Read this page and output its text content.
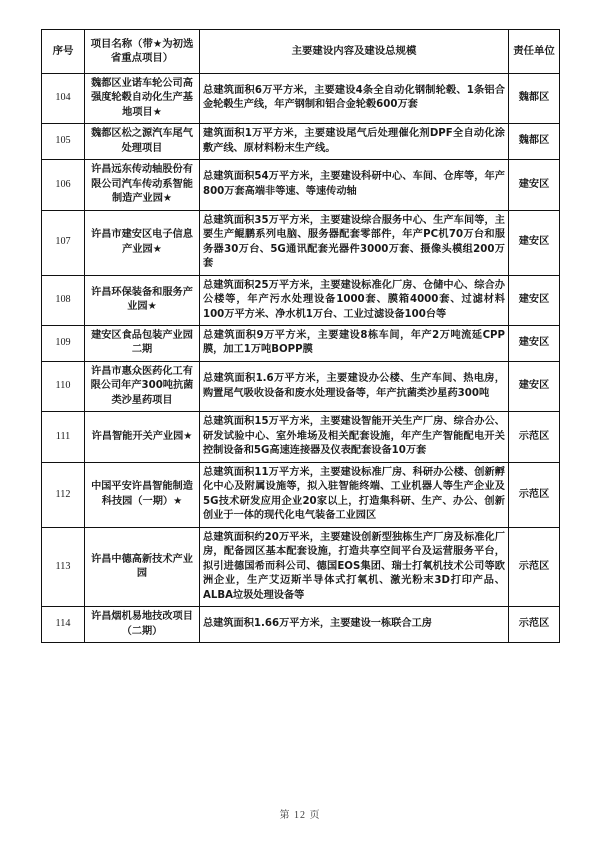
序号	项目名称（带★为初选省重点项目）	主要建设内容及建设总规模	责任单位
104	魏都区业诺车轮公司高强度轮毂自动化生产基地项目★	总建筑面积6万平方米，主要建设4条全自动化钢制轮毂、1条铝合金轮毂生产线，年产钢制和铝合金轮毂600万套	魏都区
105	魏都区松之源汽车尾气处理项目	建筑面积1万平方米，主要建设尾气后处理催化剂DPF全自动化涂敷产线、原材料粉末生产线。	魏都区
106	许昌远东传动轴股份有限公司汽车传动系智能制造产业园★	总建筑面积54万平方米，主要建设科研中心、车间、仓库等，年产800万套高端非等速、等速传动轴	建安区
107	许昌市建安区电子信息产业园★	总建筑面积35万平方米，主要建设综合服务中心、生产车间等，主要生产鲲鹏系列电脑、服务器配套零部件，年产PC机70万台和服务器30万台、5G通讯配套光器件3000万套、摄像头模组200万套	建安区
108	许昌环保装备和服务产业园★	总建筑面积25万平方米，主要建设标准化厂房、仓储中心、综合办公楼等，年产污水处理设备1000套、膜箱4000套、过滤材料100万平方米、净水机1万台、工业过滤设备100台等	建安区
109	建安区食品包装产业园二期	总建筑面积9万平方米，主要建设8栋车间，年产2万吨流延CPP膜，加工1万吨BOPP膜	建安区
110	许昌市惠众医药化工有限公司年产300吨抗菌类沙星药项目	总建筑面积1.6万平方米，主要建设办公楼、生产车间、热电房，购置尾气吸收设备和废水处理设备等，年产抗菌类沙星药300吨	建安区
111	许昌智能开关产业园★	总建筑面积15万平方米，主要建设智能开关生产厂房、综合办公、研发试验中心、室外堆场及相关配套设施，年产生产智能配电开关控制设备和5G高速连接器及仪表配套设备10万套	示范区
112	中国平安许昌智能制造科技园（一期）★	总建筑面积11万平方米，主要建设标准厂房、科研办公楼、创新孵化中心及附属设施等，拟入驻智能终端、工业机器人等生产企业及5G技术研发应用企业20家以上，打造集科研、生产、办公、创新创业于一体的现代化电气装备工业园区	示范区
113	许昌中德高新技术产业园	总建筑面积约20万平米，主要建设创新型独栋生产厂房及标准化厂房，配备园区基本配套设施，打造共享空间平台及运营服务平台，拟引进德国希而科公司、德国EOS集团、瑞士打氧机技术公司等欧洲企业，生产艾迈斯半导体式打氧机、激光粉末3D打印产品、ALBA垃圾处理设备等	示范区
114	许昌烟机易地技改项目（二期）	总建筑面积1.66万平方米，主要建设一栋联合工房	示范区
第 12 页
